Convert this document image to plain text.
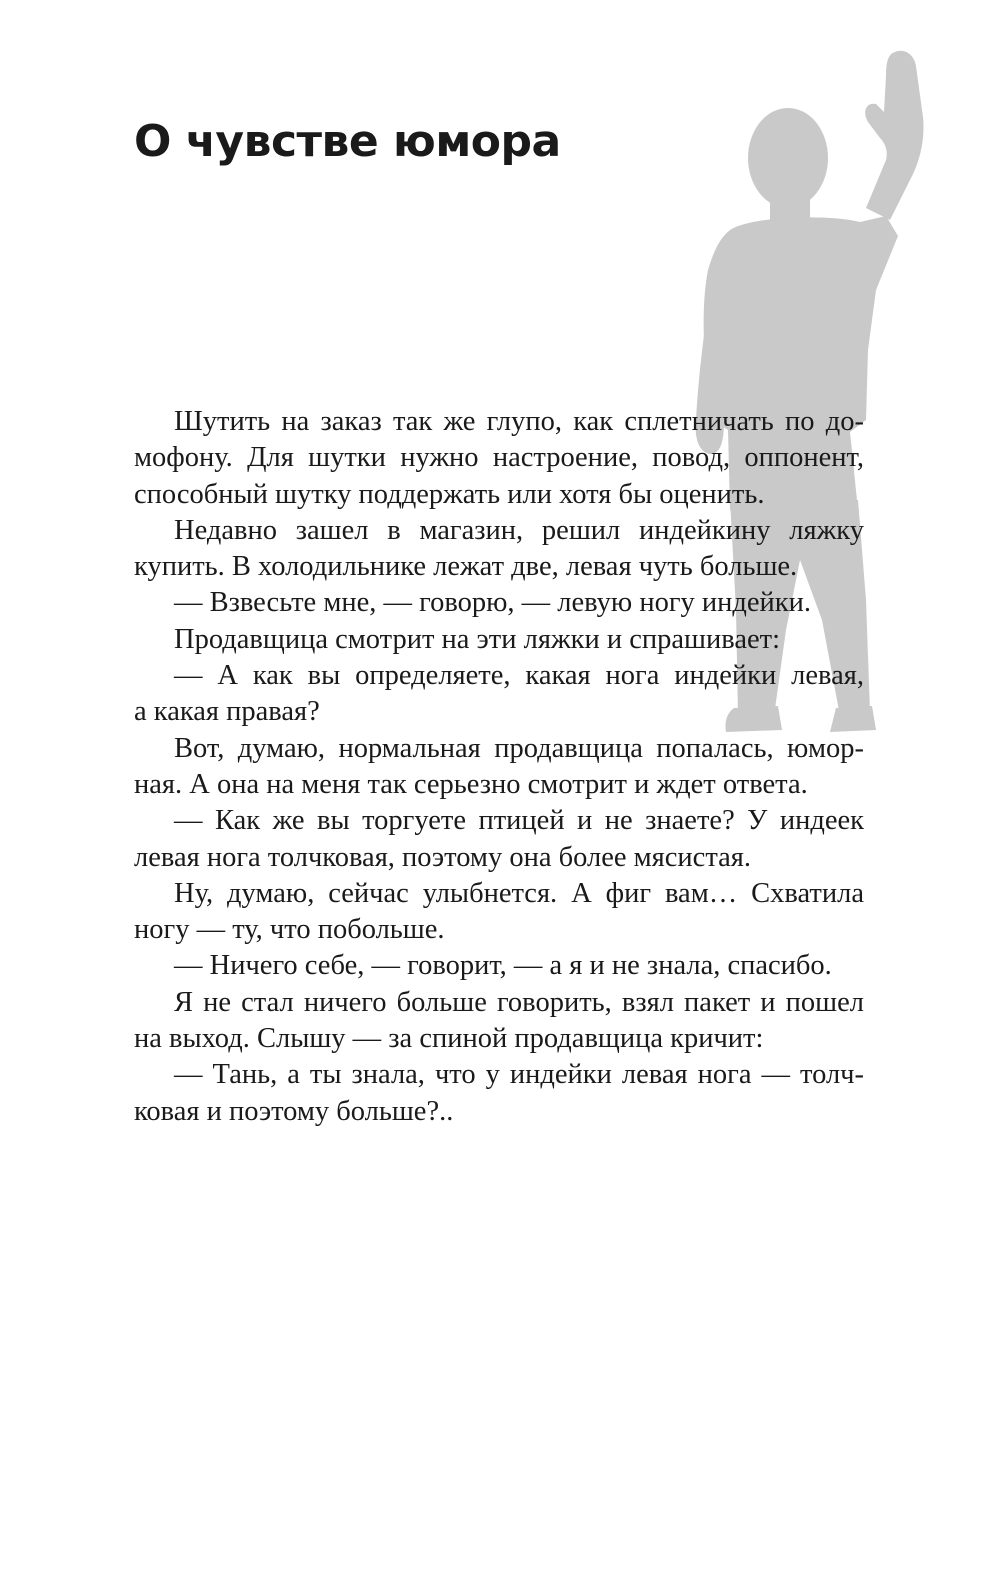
О чувстве юмора
Шутить на заказ так же глупо, как сплетничать по до-
мофону. Для шутки нужно настроение, повод, оппонент,
способный шутку поддержать или хотя бы оценить.
Недавно зашел в магазин, решил индейкину ляжку
купить. В холодильнике лежат две, левая чуть больше.
— Взвесьте мне, — говорю, — левую ногу индейки.
Продавщица смотрит на эти ляжки и спрашивает:
— А как вы определяете, какая нога индейки левая,
а какая правая?
Вот, думаю, нормальная продавщица попалась, юмор-
ная. А она на меня так серьезно смотрит и ждет ответа.
— Как же вы торгуете птицей и не знаете? У индеек
левая нога толчковая, поэтому она более мясистая.
Ну, думаю, сейчас улыбнется. А фиг вам… Схватила
ногу — ту, что побольше.
— Ничего себе, — говорит, — а я и не знала, спасибо.
Я не стал ничего больше говорить, взял пакет и пошел
на выход. Слышу — за спиной продавщица кричит:
— Тань, а ты знала, что у индейки левая нога — толч-
ковая и поэтому больше?..
